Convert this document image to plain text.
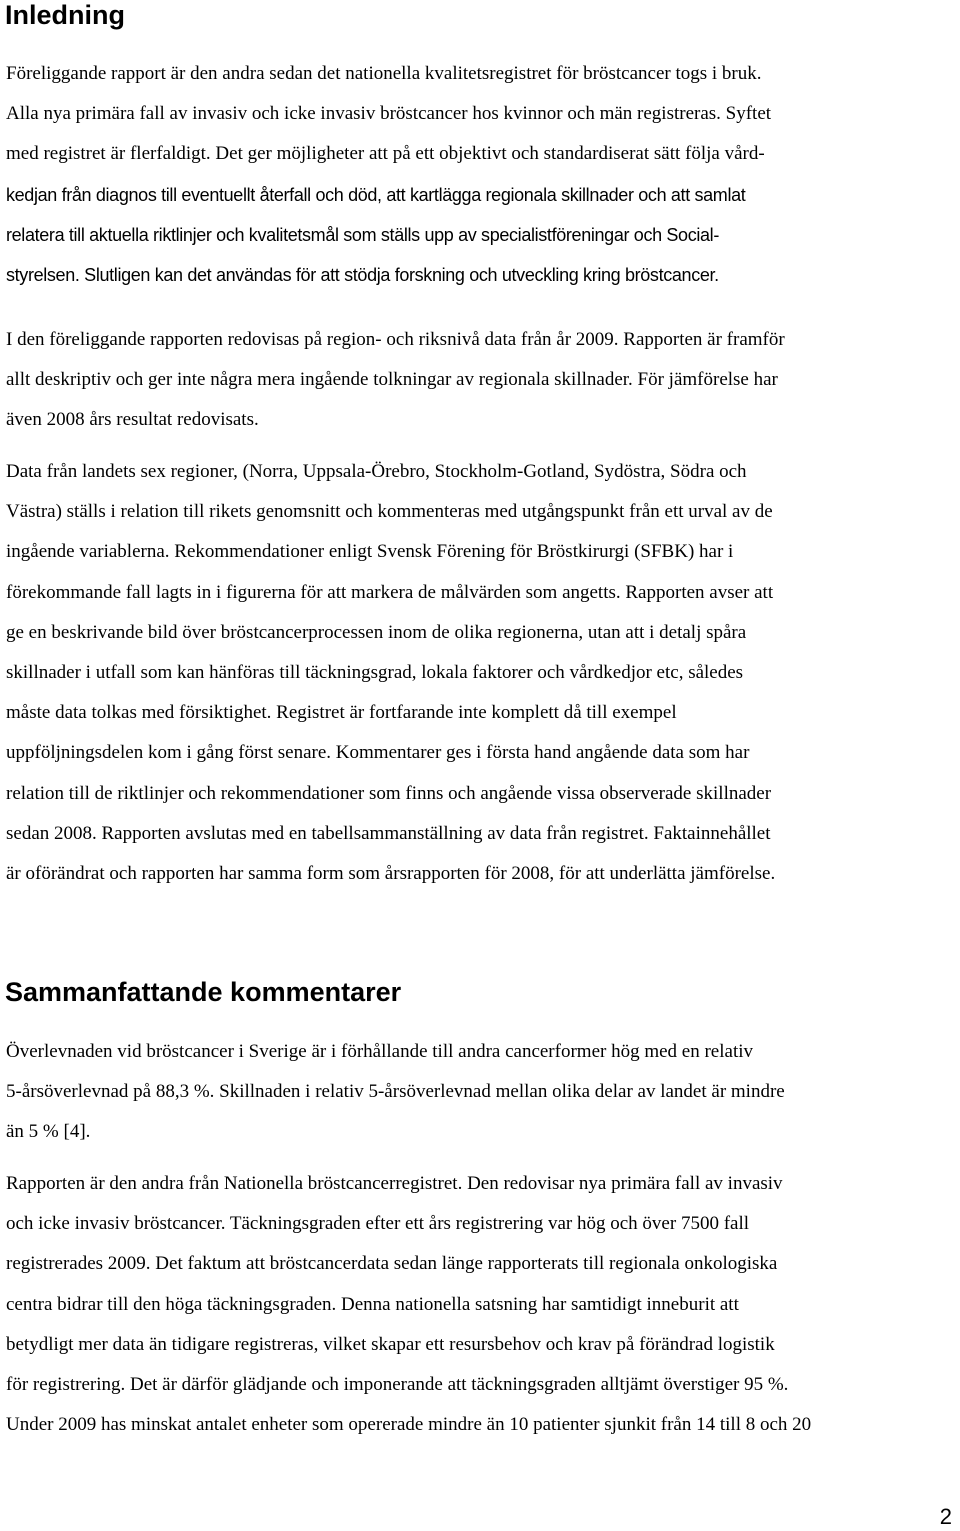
Inledning

Föreliggande rapport är den andra sedan det nationella kvalitetsregistret för bröstcancer togs i bruk.
Alla nya primära fall av invasiv och icke invasiv bröstcancer hos kvinnor och män registreras. Syftet
med registret är flerfaldigt. Det ger möjligheter att på ett objektivt och standardiserat sätt följa vård-
kedjan från diagnos till eventuellt återfall och död, att kartlägga regionala skillnader och att samlat
relatera till aktuella riktlinjer och kvalitetsmål som ställs upp av specialistföreningar och Social-
styrelsen. Slutligen kan det användas för att stödja forskning och utveckling kring bröstcancer.

I den föreliggande rapporten redovisas på region- och riksnivå data från år 2009. Rapporten är framför
allt deskriptiv och ger inte några mera ingående tolkningar av regionala skillnader. För jämförelse har
även 2008 års resultat redovisats.

Data från landets sex regioner, (Norra, Uppsala-Örebro, Stockholm-Gotland, Sydöstra, Södra och
Västra) ställs i relation till rikets genomsnitt och kommenteras med utgångspunkt från ett urval av de
ingående variablerna. Rekommendationer enligt Svensk Förening för Bröstkirurgi (SFBK) har i
förekommande fall lagts in i figurerna för att markera de målvärden som angetts. Rapporten avser att
ge en beskrivande bild över bröstcancerprocessen inom de olika regionerna, utan att i detalj spåra
skillnader i utfall som kan hänföras till täckningsgrad, lokala faktorer och vårdkedjor etc, således
måste data tolkas med försiktighet. Registret är fortfarande inte komplett då till exempel
uppföljningsdelen kom i gång först senare. Kommentarer ges i första hand angående data som har
relation till de riktlinjer och rekommendationer som finns och angående vissa observerade skillnader
sedan 2008. Rapporten avslutas med en tabellsammanställning av data från registret. Faktainnehållet
är oförändrat och rapporten har samma form som årsrapporten för 2008, för att underlätta jämförelse.

Sammanfattande kommentarer

Överlevnaden vid bröstcancer i Sverige är i förhållande till andra cancerformer hög med en relativ
5-årsöverlevnad på 88,3 %. Skillnaden i relativ 5-årsöverlevnad mellan olika delar av landet är mindre
än 5 % [4].

Rapporten är den andra från Nationella bröstcancerregistret. Den redovisar nya primära fall av invasiv
och icke invasiv bröstcancer. Täckningsgraden efter ett års registrering var hög och över 7500 fall
registrerades 2009. Det faktum att bröstcancerdata sedan länge rapporterats till regionala onkologiska
centra bidrar till den höga täckningsgraden. Denna nationella satsning har samtidigt inneburit att
betydligt mer data än tidigare registreras, vilket skapar ett resursbehov och krav på förändrad logistik
för registrering. Det är därför glädjande och imponerande att täckningsgraden alltjämt överstiger 95 %.
Under 2009 has minskat antalet enheter som opererade mindre än 10 patienter sjunkit från 14 till 8 och 20

2
